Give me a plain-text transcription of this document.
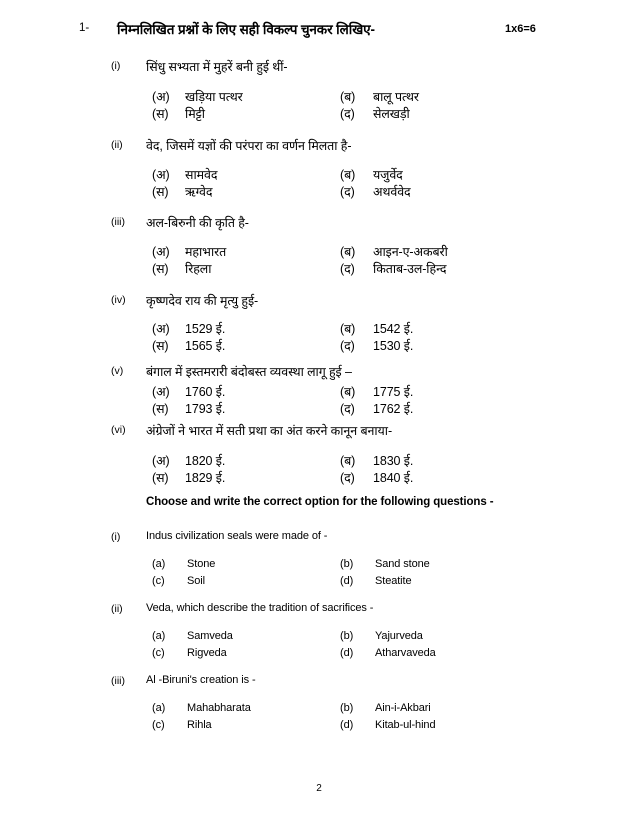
1- निम्नलिखित प्रश्नों के लिए सही विकल्प चुनकर लिखिए-	1x6=6
(i) सिंधु सभ्यता में मुहरें बनी हुई थीं-
(अ) खड़िया पत्थर	(ब) बालू पत्थर
(स) मिट्टी	(द) सेलखड़ी
(ii) वेद, जिसमें यज्ञों की परंपरा का वर्णन मिलता है-
(अ) सामवेद	(ब) यजुर्वेद
(स) ऋग्वेद	(द) अथर्ववेद
(iii) अल-बिरुनी की कृति है-
(अ) महाभारत	(ब) आइन-ए-अकबरी
(स) रिहला	(द) किताब-उल-हिन्द
(iv) कृष्णदेव राय की मृत्यु हुई-
(अ) 1529 ई.	(ब) 1542 ई.
(स) 1565 ई.	(द) 1530 ई.
(v) बंगाल में इस्तमरारी बंदोबस्त व्यवस्था लागू हुई –
(अ) 1760 ई.	(ब) 1775 ई.
(स) 1793 ई.	(द) 1762 ई.
(vi) अंग्रेजों ने भारत में सती प्रथा का अंत करने कानून बनाया-
(अ) 1820 ई.	(ब) 1830 ई.
(स) 1829 ई.	(द) 1840 ई.
Choose and write the correct option for the following questions -
(i) Indus civilization seals were made of -
(a) Stone	(b) Sand stone
(c) Soil	(d) Steatite
(ii) Veda, which describe the tradition of sacrifices -
(a) Samveda	(b) Yajurveda
(c) Rigveda	(d) Atharvaveda
(iii) Al -Biruni's creation is -
(a) Mahabharata	(b) Ain-i-Akbari
(c) Rihla	(d) Kitab-ul-hind
2
